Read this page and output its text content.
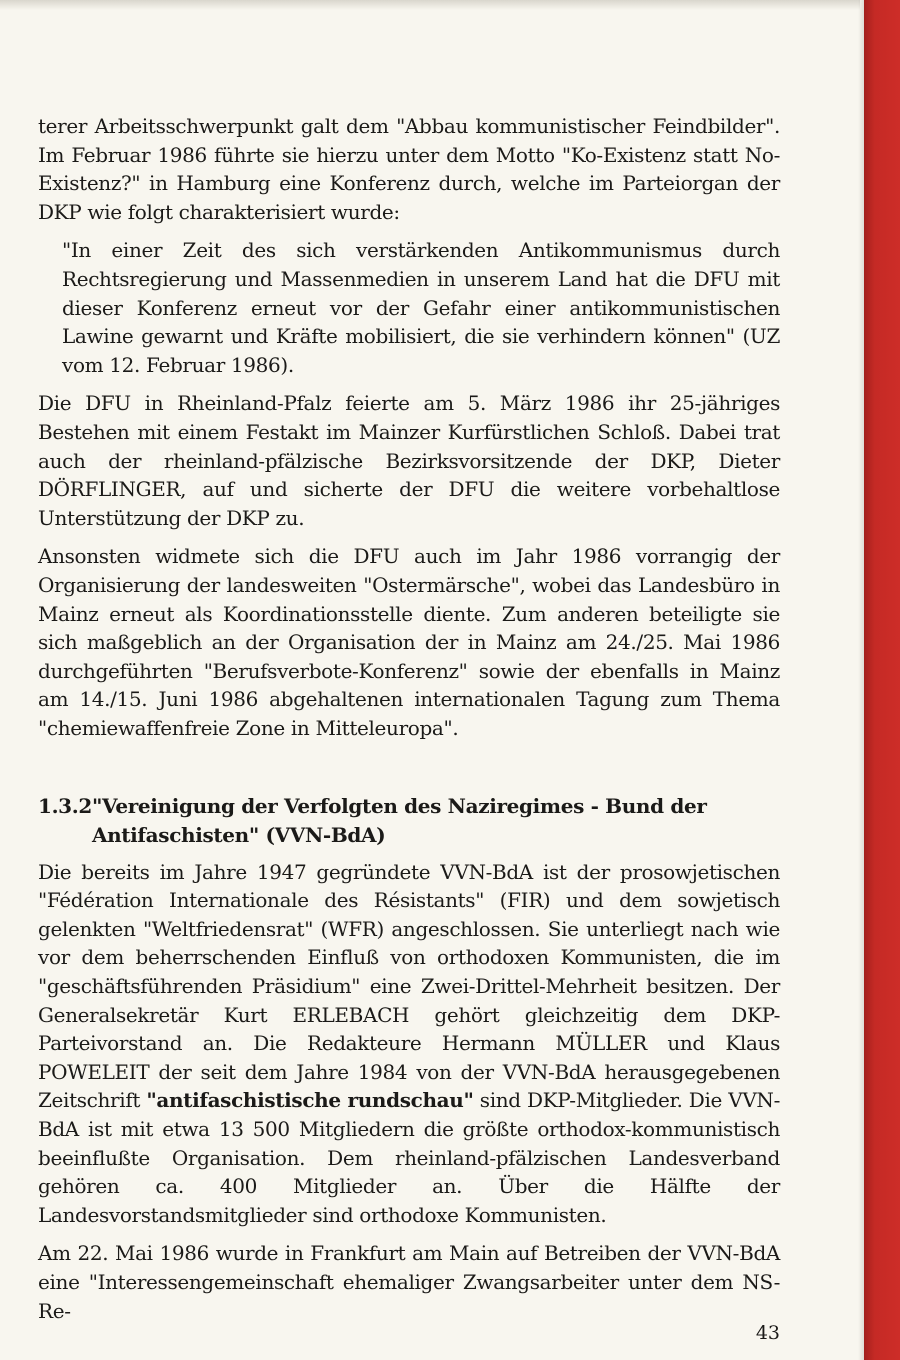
terer Arbeitsschwerpunkt galt dem "Abbau kommunistischer Feindbilder". Im Februar 1986 führte sie hierzu unter dem Motto "Ko-Existenz statt No-Existenz?" in Hamburg eine Konferenz durch, welche im Parteiorgan der DKP wie folgt charakterisiert wurde:

"In einer Zeit des sich verstärkenden Antikommunismus durch Rechtsregierung und Massenmedien in unserem Land hat die DFU mit dieser Konferenz erneut vor der Gefahr einer antikommunistischen Lawine gewarnt und Kräfte mobilisiert, die sie verhindern können" (UZ vom 12. Februar 1986).

Die DFU in Rheinland-Pfalz feierte am 5. März 1986 ihr 25-jähriges Bestehen mit einem Festakt im Mainzer Kurfürstlichen Schloß. Dabei trat auch der rheinland-pfälzische Bezirksvorsitzende der DKP, Dieter DÖRFLINGER, auf und sicherte der DFU die weitere vorbehaltlose Unterstützung der DKP zu.

Ansonsten widmete sich die DFU auch im Jahr 1986 vorrangig der Organisierung der landesweiten "Ostermärsche", wobei das Landesbüro in Mainz erneut als Koordinationsstelle diente. Zum anderen beteiligte sie sich maßgeblich an der Organisation der in Mainz am 24./25. Mai 1986 durchgeführten "Berufsverbote-Konferenz" sowie der ebenfalls in Mainz am 14./15. Juni 1986 abgehaltenen internationalen Tagung zum Thema "chemiewaffenfreie Zone in Mitteleuropa".

1.3.2 "Vereinigung der Verfolgten des Naziregimes - Bund der Antifaschisten" (VVN-BdA)

Die bereits im Jahre 1947 gegründete VVN-BdA ist der prosowjetischen "Fédération Internationale des Résistants" (FIR) und dem sowjetisch gelenkten "Weltfriedensrat" (WFR) angeschlossen. Sie unterliegt nach wie vor dem beherrschenden Einfluß von orthodoxen Kommunisten, die im "geschäftsführenden Präsidium" eine Zwei-Drittel-Mehrheit besitzen. Der Generalsekretär Kurt ERLEBACH gehört gleichzeitig dem DKP-Parteivorstand an. Die Redakteure Hermann MÜLLER und Klaus POWELEIT der seit dem Jahre 1984 von der VVN-BdA herausgegebenen Zeitschrift "antifaschistische rundschau" sind DKP-Mitglieder. Die VVN-BdA ist mit etwa 13 500 Mitgliedern die größte orthodox-kommunistisch beeinflußte Organisation. Dem rheinland-pfälzischen Landesverband gehören ca. 400 Mitglieder an. Über die Hälfte der Landesvorstandsmitglieder sind orthodoxe Kommunisten.

Am 22. Mai 1986 wurde in Frankfurt am Main auf Betreiben der VVN-BdA eine "Interessengemeinschaft ehemaliger Zwangsarbeiter unter dem NS-Re-

43
